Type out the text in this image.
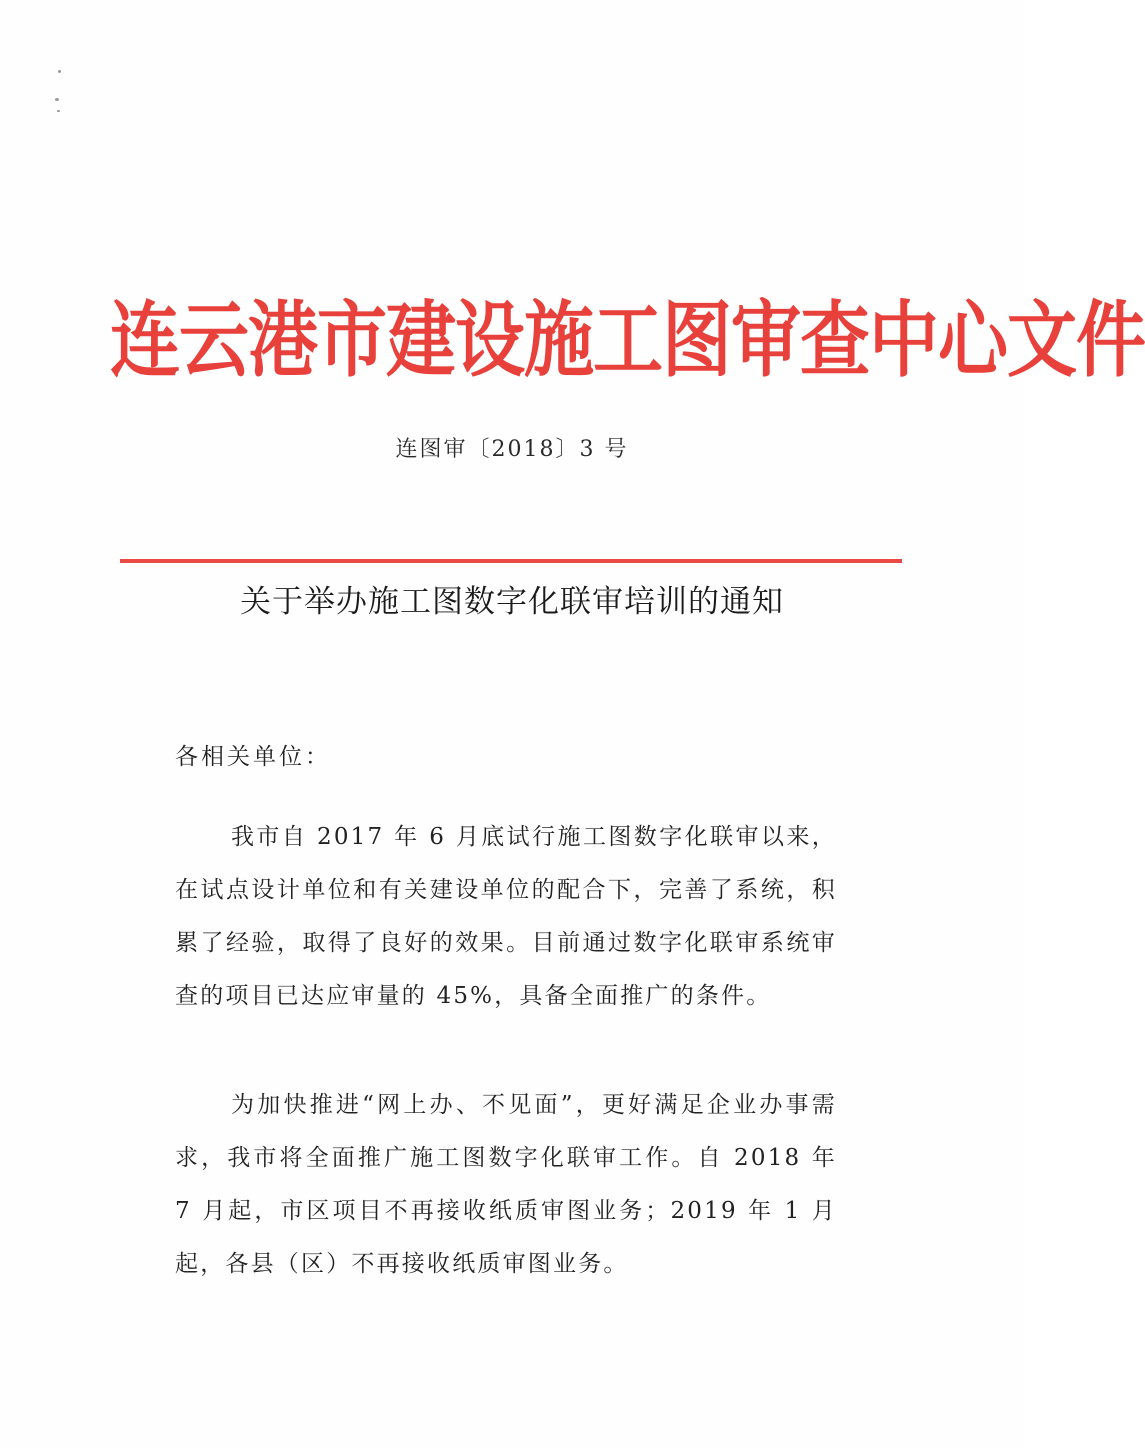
连云港市建设施工图审查中心文件
连图审〔2018〕3 号
关于举办施工图数字化联审培训的通知
各相关单位：

我市自 2017 年 6 月底试行施工图数字化联审以来，在试点设计单位和有关建设单位的配合下，完善了系统，积累了经验，取得了良好的效果。目前通过数字化联审系统审查的项目已达应审量的 45%，具备全面推广的条件。

为加快推进“网上办、不见面”，更好满足企业办事需求，我市将全面推广施工图数字化联审工作。自 2018 年 7 月起，市区项目不再接收纸质审图业务；2019 年 1 月起，各县（区）不再接收纸质审图业务。
